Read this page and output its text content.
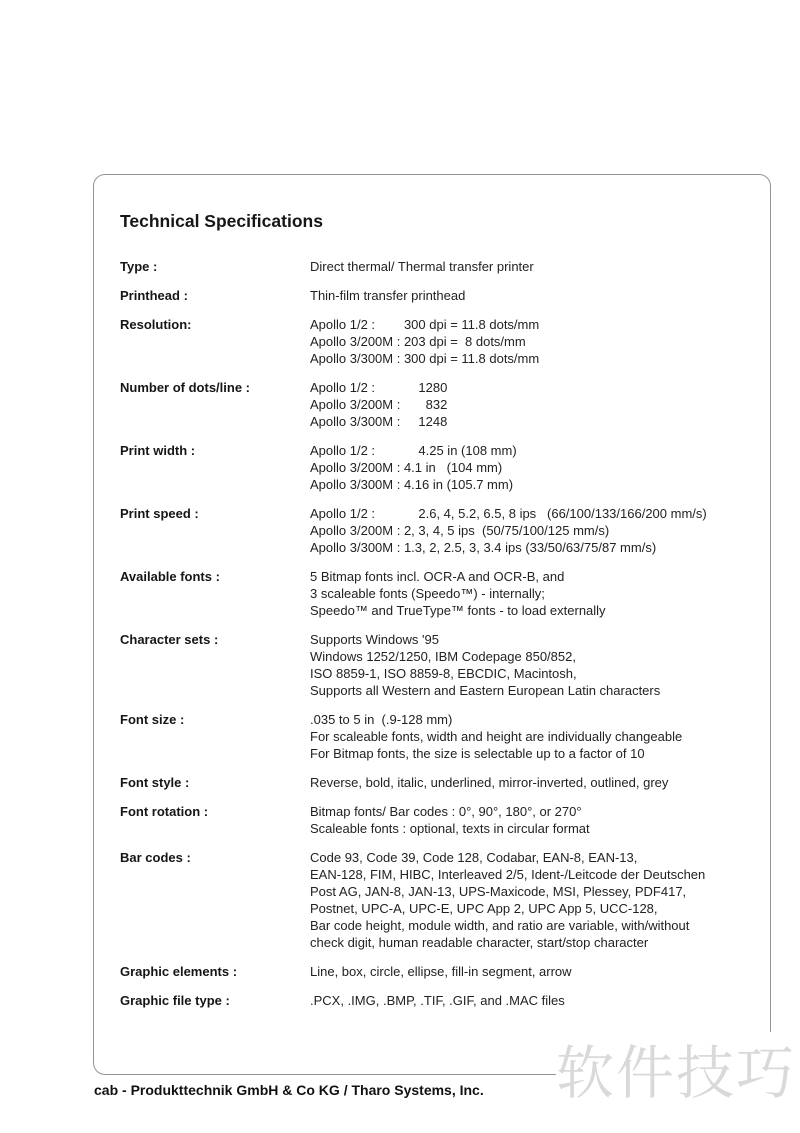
Technical Specifications
Type :	Direct thermal/ Thermal transfer printer
Printhead :	Thin-film transfer printhead
Resolution:	Apollo 1/2 :        300 dpi = 11.8 dots/mm
Apollo 3/200M : 203 dpi =  8 dots/mm
Apollo 3/300M : 300 dpi = 11.8 dots/mm
Number of dots/line :	Apollo 1/2 :            1280
Apollo 3/200M :       832
Apollo 3/300M :     1248
Print width :	Apollo 1/2 :            4.25 in (108 mm)
Apollo 3/200M : 4.1 in   (104 mm)
Apollo 3/300M : 4.16 in (105.7 mm)
Print speed :	Apollo 1/2 :            2.6, 4, 5.2, 6.5, 8 ips   (66/100/133/166/200 mm/s)
Apollo 3/200M : 2, 3, 4, 5 ips  (50/75/100/125 mm/s)
Apollo 3/300M : 1.3, 2, 2.5, 3, 3.4 ips (33/50/63/75/87 mm/s)
Available fonts :	5 Bitmap fonts incl. OCR-A and OCR-B, and
3 scaleable fonts (Speedo™) - internally;
Speedo™ and TrueType™ fonts - to load externally
Character sets :	Supports Windows '95
Windows 1252/1250, IBM Codepage 850/852,
ISO 8859-1, ISO 8859-8, EBCDIC, Macintosh,
Supports all Western and Eastern European Latin characters
Font size :	.035 to 5 in  (.9-128 mm)
For scaleable fonts, width and height are individually changeable
For Bitmap fonts, the size is selectable up to a factor of 10
Font style :	Reverse, bold, italic, underlined, mirror-inverted, outlined, grey
Font rotation :	Bitmap fonts/ Bar codes : 0°, 90°, 180°, or 270°
Scaleable fonts : optional, texts in circular format
Bar codes :	Code 93, Code 39, Code 128, Codabar, EAN-8, EAN-13,
EAN-128, FIM, HIBC, Interleaved 2/5, Ident-/Leitcode der Deutschen
Post AG, JAN-8, JAN-13, UPS-Maxicode, MSI, Plessey, PDF417,
Postnet, UPC-A, UPC-E, UPC App 2, UPC App 5, UCC-128,
Bar code height, module width, and ratio are variable, with/without
check digit, human readable character, start/stop character
Graphic elements :	Line, box, circle, ellipse, fill-in segment, arrow
Graphic file type :	.PCX, .IMG, .BMP, .TIF, .GIF, and .MAC files
软件技巧
cab - Produkttechnik GmbH & Co KG / Tharo Systems, Inc.
